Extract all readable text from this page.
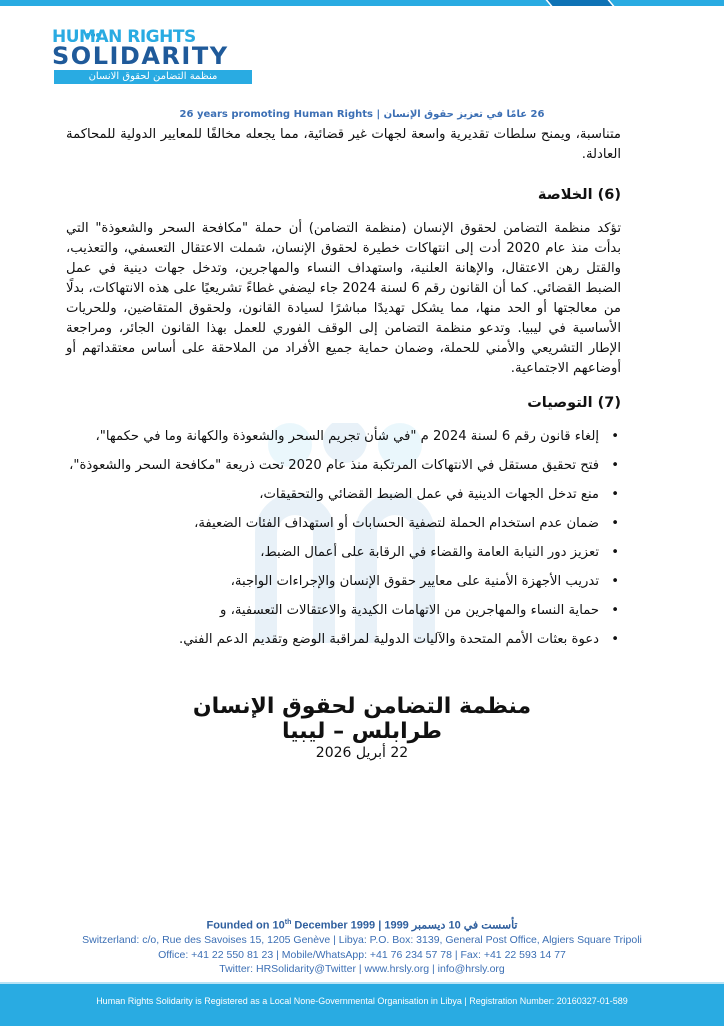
HUMAN RIGHTS
SOLIDARITY
منظمة التضامن لحقوق الانسان
26 years promoting Human Rights | 26 عامًا في تعزيز حقوق الإنسان

متناسبة، ويمنح سلطات تقديرية واسعة لجهات غير قضائية، مما يجعله مخالفًا للمعايير الدولية للمحاكمة العادلة.

(6) الخلاصة

تؤكد منظمة التضامن لحقوق الإنسان (منظمة التضامن) أن حملة "مكافحة السحر والشعوذة" التي بدأت منذ عام 2020 أدت إلى انتهاكات خطيرة لحقوق الإنسان، شملت الاعتقال التعسفي، والتعذيب، والقتل رهن الاعتقال، والإهانة العلنية، واستهداف النساء والمهاجرين، وتدخل جهات دينية في عمل الضبط القضائي. كما أن القانون رقم 6 لسنة 2024 جاء ليضفي غطاءً تشريعيًا على هذه الانتهاكات، بدلًا من معالجتها أو الحد منها، مما يشكل تهديدًا مباشرًا لسيادة القانون، ولحقوق المتقاضين، وللحريات الأساسية في ليبيا. وتدعو منظمة التضامن إلى الوقف الفوري للعمل بهذا القانون الجائر، ومراجعة الإطار التشريعي والأمني للحملة، وضمان حماية جميع الأفراد من الملاحقة على أساس معتقداتهم أو أوضاعهم الاجتماعية.

(7) التوصيات
•
إلغاء قانون رقم 6 لسنة 2024 م "في شأن تجريم السحر والشعوذة والكهانة وما في حكمها"،
•
فتح تحقيق مستقل في الانتهاكات المرتكبة منذ عام 2020 تحت ذريعة "مكافحة السحر والشعوذة"،
•
منع تدخل الجهات الدينية في عمل الضبط القضائي والتحقيقات،
•
ضمان عدم استخدام الحملة لتصفية الحسابات أو استهداف الفئات الضعيفة،
•
تعزيز دور النيابة العامة والقضاء في الرقابة على أعمال الضبط،
•
تدريب الأجهزة الأمنية على معايير حقوق الإنسان والإجراءات الواجبة،
•
حماية النساء والمهاجرين من الاتهامات الكيدية والاعتقالات التعسفية، و
•
دعوة بعثات الأمم المتحدة والآليات الدولية لمراقبة الوضع وتقديم الدعم الفني.
منظمة التضامن لحقوق الإنسان
طرابلس – ليبيا
22 أبريل 2026
Founded on 10th December 1999 | تأسست في 10 ديسمبر 1999
Switzerland: c/o, Rue des Savoises 15, 1205 Genève | Libya: P.O. Box: 3139, General Post Office, Algiers Square Tripoli
Office: +41 22 550 81 23 | Mobile/WhatsApp: +41 76 234 57 78 | Fax: +41 22 593 14 77
Twitter: HRSolidarity@Twitter | www.hrsly.org | info@hrsly.org
Human Rights Solidarity is Registered as a Local None-Governmental Organisation in Libya | Registration Number: 20160327-01-589
